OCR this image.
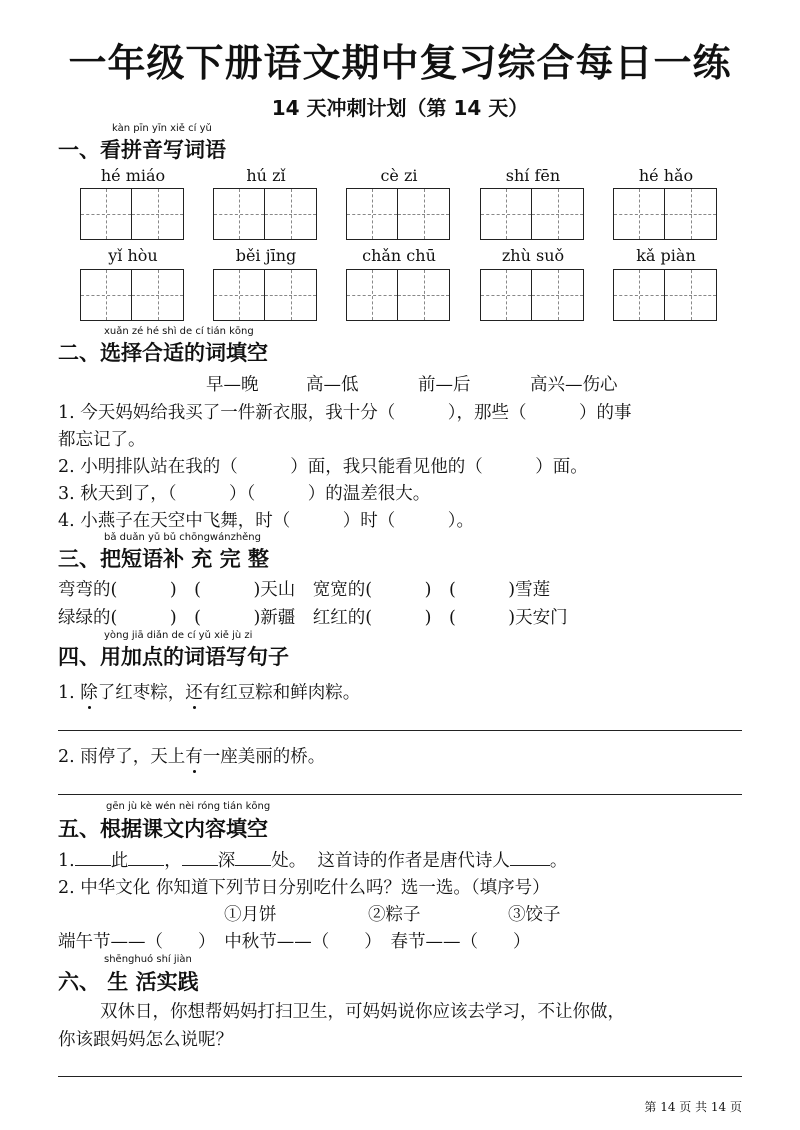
一年级下册语文期中复习综合每日一练
14 天冲刺计划（第 14 天）
kàn pīn yīn xiě cí yǔ
一、看拼音写词语
hé miáo	hú zǐ	cè zi	shí fēn	hé hǎo
yǐ hòu	běi jīng	chǎn chū	zhù suǒ	kǎ piàn
xuǎn zé hé shì de cí tián kōng
二、选择合适的词填空
早—晚	高—低	前—后	高兴—伤心
1. 今天妈妈给我买了一件新衣服，我十分（　　　），那些（　　　）的事
都忘记了。
2. 小明排队站在我的（　　　）面，我只能看见他的（　　　）面。
3. 秋天到了，（　　　）（　　　）的温差很大。
4. 小燕子在天空中飞舞，时（　　　）时（　　　）。
bǎ duǎn yǔ bǔ chōngwánzhěng
三、把短语补 充 完 整
弯弯的(　　　)　(　　　)天山　宽宽的(　　　)　(　　　)雪莲
绿绿的(　　　)　(　　　)新疆　红红的(　　　)　(　　　)天安门
yòng jiā diǎn de cí yǔ xiě jù zi
四、用加点的词语写句子
1. 除了红枣粽，还有红豆粽和鲜肉粽。
2. 雨停了，天上有一座美丽的桥。
gēn jù kè wén nèi róng tián kōng
五、根据课文内容填空
1. 此 ， 深 处。 这首诗的作者是唐代诗人 。
2. 中华文化 你知道下列节日分别吃什么吗？选一选。（填序号）
①月饼	②粽子	③饺子
端午节——（　　）　中秋节——（　　）　春节——（　　）
shēnghuó shí jiàn
六、 生 活实践
双休日，你想帮妈妈打扫卫生，可妈妈说你应该去学习，不让你做，
你该跟妈妈怎么说呢？
第 14 页 共 14 页
